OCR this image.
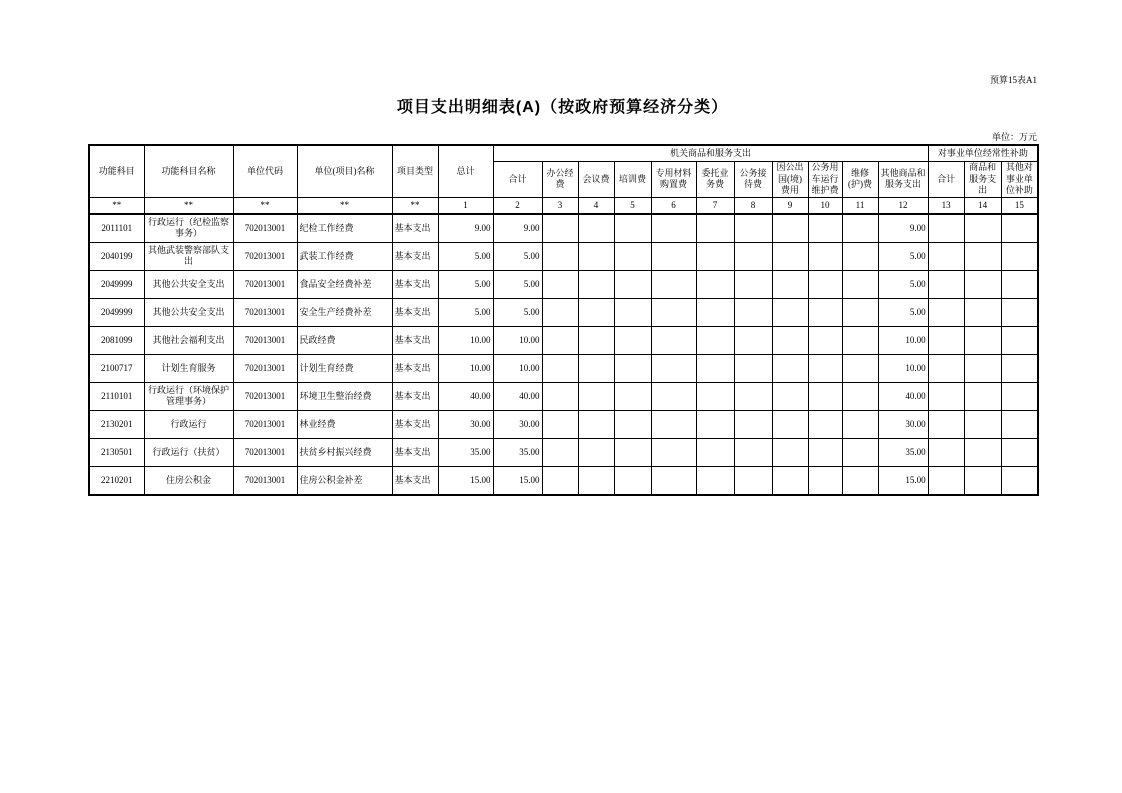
预算15表A1
项目支出明细表(A)（按政府预算经济分类）
单位：万元
功能科目	功能科目名称	单位代码	单位(项目)名称	项目类型	总计	机关商品和服务支出											对事业单位经常性补助		
						合计	办公经费	会议费	培训费	专用材料购置费	委托业务费	公务接待费	因公出国(境)费用	公务用车运行维护费	维修(护)费	其他商品和服务支出	合计	商品和服务支出	其他对事业单位补助
**	**	**	**	**	1	2	3	4	5	6	7	8	9	10	11	12	13	14	15
2011101	行政运行（纪检监察事务）	702013001	纪检工作经费	基本支出	9.00	9.00										9.00			
2040199	其他武装警察部队支出	702013001	武装工作经费	基本支出	5.00	5.00										5.00			
2049999	其他公共安全支出	702013001	食品安全经费补差	基本支出	5.00	5.00										5.00			
2049999	其他公共安全支出	702013001	安全生产经费补差	基本支出	5.00	5.00										5.00			
2081099	其他社会福利支出	702013001	民政经费	基本支出	10.00	10.00										10.00			
2100717	计划生育服务	702013001	计划生育经费	基本支出	10.00	10.00										10.00			
2110101	行政运行（环境保护管理事务）	702013001	环境卫生整治经费	基本支出	40.00	40.00										40.00			
2130201	行政运行	702013001	林业经费	基本支出	30.00	30.00										30.00			
2130501	行政运行（扶贫）	702013001	扶贫乡村振兴经费	基本支出	35.00	35.00										35.00			
2210201	住房公积金	702013001	住房公积金补差	基本支出	15.00	15.00										15.00			
